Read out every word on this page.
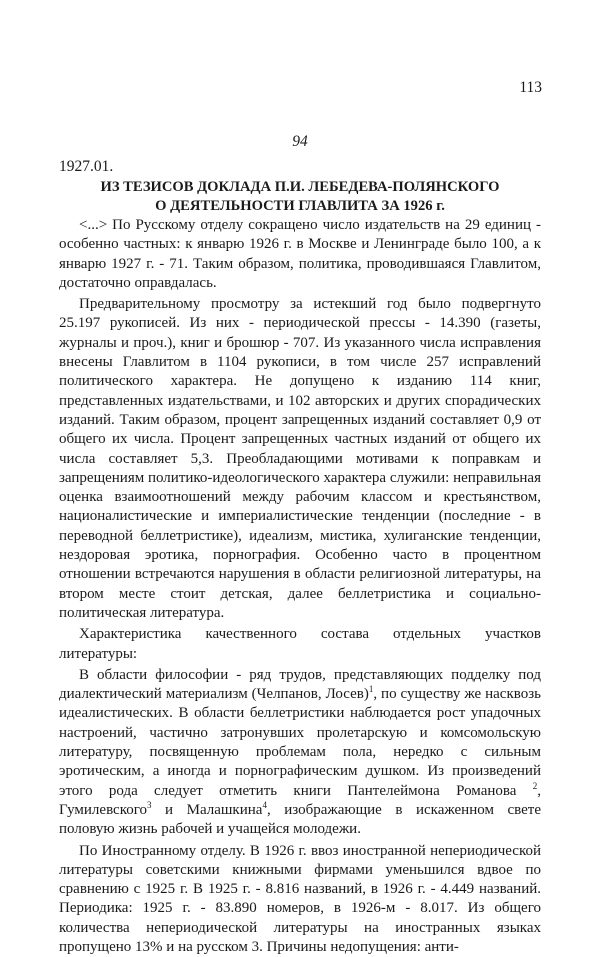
113
94
1927.01.
ИЗ ТЕЗИСОВ ДОКЛАДА П.И. ЛЕБЕДЕВА-ПОЛЯНСКОГО
О ДЕЯТЕЛЬНОСТИ ГЛАВЛИТА ЗА 1926 г.

<...> По Русскому отделу сокращено число издательств на 29 единиц - особенно частных: к январю 1926 г. в Москве и Ленинграде было 100, а к январю 1927 г. - 71. Таким образом, политика, проводившаяся Главлитом, достаточно оправдалась.

Предварительному просмотру за истекший год было подвергнуто 25.197 рукописей. Из них - периодической прессы - 14.390 (газеты, журналы и проч.), книг и брошюр - 707. Из указанного числа исправления внесены Главлитом в 1104 рукописи, в том числе 257 исправлений политического характера. Не допущено к изданию 114 книг, представленных издательствами, и 102 авторских и других спорадических изданий. Таким образом, процент запрещенных изданий составляет 0,9 от общего их числа. Процент запрещенных частных изданий от общего их числа составляет 5,3. Преобладающими мотивами к поправкам и запрещениям политико-идеологического характера служили: неправильная оценка взаимоотношений между рабочим классом и крестьянством, националистические и империалистические тенденции (последние - в переводной беллетристике), идеализм, мистика, хулиганские тенденции, нездоровая эротика, порнография. Особенно часто в процентном отношении встречаются нарушения в области религиозной литературы, на втором месте стоит детская, далее беллетристика и социально-политическая литература.

Характеристика качественного состава отдельных участков литературы:

В области философии - ряд трудов, представляющих подделку под диалектический материализм (Челпанов, Лосев)$^1$, по существу же насквозь идеалистических. В области беллетристики наблюдается рост упадочных настроений, частично затронувших пролетарскую и комсомольскую литературу, посвященную проблемам пола, нередко с сильным эротическим, а иногда и порнографическим душком. Из произведений этого рода следует отметить книги Пантелеймона Романова $^2$, Гумилевского$^3$ и Малашкина$^4$, изображающие в искаженном свете половую жизнь рабочей и учащейся молодежи.

По Иностранному отделу. В 1926 г. ввоз иностранной непериодической литературы советскими книжными фирмами уменьшился вдвое по сравнению с 1925 г. В 1925 г. - 8.816 названий, в 1926 г. - 4.449 названий. Периодика: 1925 г. - 83.890 номеров, в 1926-м - 8.017. Из общего количества непериодической литературы на иностранных языках пропущено 13% и на русском 3. Причины недопущения: анти-
